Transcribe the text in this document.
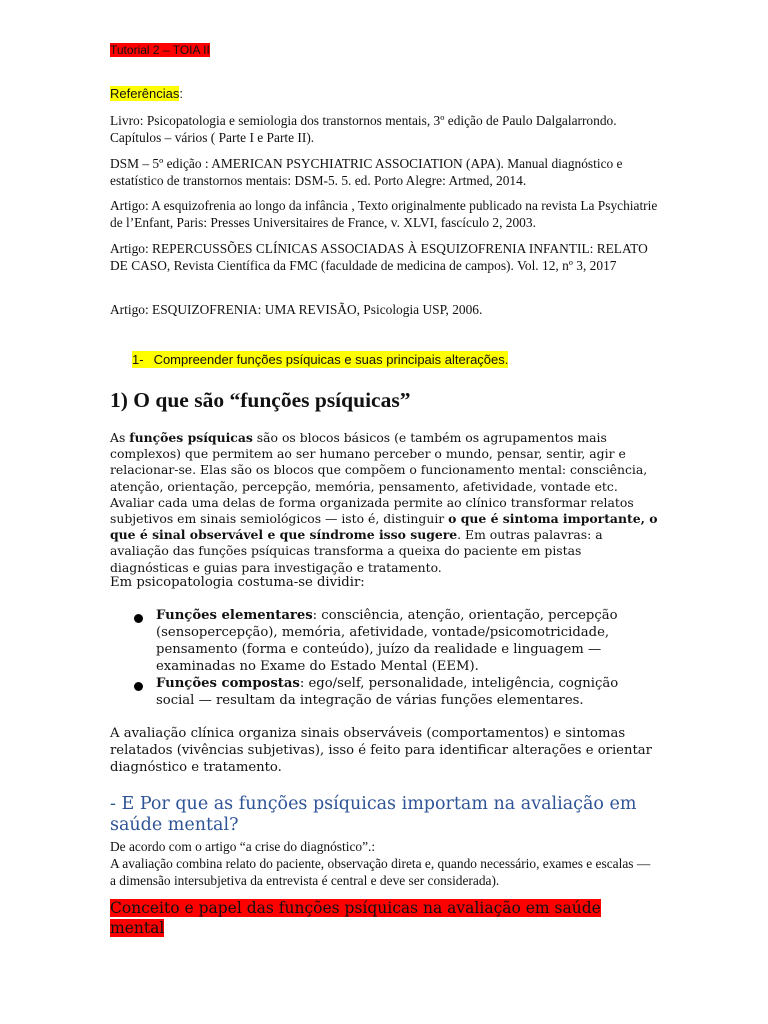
Tutorial 2 – TOIA II
Referências:

Livro: Psicopatologia e semiologia dos transtornos mentais, 3º edição de Paulo Dalgalarrondo. Capítulos – vários ( Parte I e Parte II).

DSM – 5º edição : AMERICAN PSYCHIATRIC ASSOCIATION (APA). Manual diagnóstico e estatístico de transtornos mentais: DSM-5. 5. ed. Porto Alegre: Artmed, 2014.

Artigo: A esquizofrenia ao longo da infância , Texto originalmente publicado na revista La Psychiatrie de l’Enfant, Paris: Presses Universitaires de France, v. XLVI, fascículo 2, 2003.

Artigo: REPERCUSSÕES CLÍNICAS ASSOCIADAS À ESQUIZOFRENIA INFANTIL: RELATO DE CASO, Revista Científica da FMC (faculdade de medicina de campos). Vol. 12, nº 3, 2017

Artigo: ESQUIZOFRENIA: UMA REVISÃO, Psicologia USP, 2006.

1- Compreender funções psíquicas e suas principais alterações.
1) O que são “funções psíquicas”

As funções psíquicas são os blocos básicos (e também os agrupamentos mais complexos) que permitem ao ser humano perceber o mundo, pensar, sentir, agir e relacionar-se. Elas são os blocos que compõem o funcionamento mental: consciência, atenção, orientação, percepção, memória, pensamento, afetividade, vontade etc. Avaliar cada uma delas de forma organizada permite ao clínico transformar relatos subjetivos em sinais semiológicos — isto é, distinguir o que é sintoma importante, o que é sinal observável e que síndrome isso sugere. Em outras palavras: a avaliação das funções psíquicas transforma a queixa do paciente em pistas diagnósticas e guias para investigação e tratamento.

Em psicopatologia costuma-se dividir:

Funções elementares: consciência, atenção, orientação, percepção (sensopercepção), memória, afetividade, vontade/psicomotricidade, pensamento (forma e conteúdo), juízo da realidade e linguagem — examinadas no Exame do Estado Mental (EEM).
Funções compostas: ego/self, personalidade, inteligência, cognição social — resultam da integração de várias funções elementares.

A avaliação clínica organiza sinais observáveis (comportamentos) e sintomas relatados (vivências subjetivas), isso é feito para identificar alterações e orientar diagnóstico e tratamento.

- E Por que as funções psíquicas importam na avaliação em saúde mental?

De acordo com o artigo “a crise do diagnóstico”.:

A avaliação combina relato do paciente, observação direta e, quando necessário, exames e escalas — a dimensão intersubjetiva da entrevista é central e deve ser considerada).

Conceito e papel das funções psíquicas na avaliação em saúde mental
